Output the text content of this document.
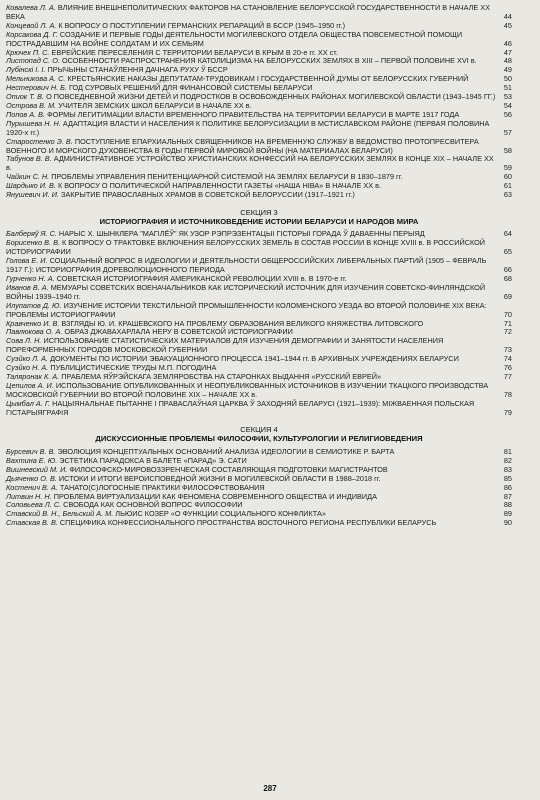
Ковалева Л. А. ВЛИЯНИЕ ВНЕШНЕПОЛИТИЧЕСКИХ ФАКТОРОВ НА СТАНОВЛЕНИЕ БЕЛОРУССКОЙ ГОСУДАРСТВЕННОСТИ В НАЧАЛЕ ХХ ВЕКА	44
Концевой Л. А. К ВОПРОСУ О ПОСТУПЛЕНИИ ГЕРМАНСКИХ РЕПАРАЦИЙ В БССР (1945–1950 гг.)	45
Корсакова Д. Г. СОЗДАНИЕ И ПЕРВЫЕ ГОДЫ ДЕЯТЕЛЬНОСТИ МОГИЛЕВСКОГО ОТДЕЛА ОБЩЕСТВА ПОВСЕМЕСТНОЙ ПОМОЩИ ПОСТРАДАВШИМ НА ВОЙНЕ СОЛДАТАМ И ИХ СЕМЬЯМ	46
Крючек П. С. ЕВРЕЙСКИЕ ПЕРЕСЕЛЕНИЯ С ТЕРРИТОРИИ БЕЛАРУСИ В КРЫМ В 20-е гг. ХХ ст.	47
Листопад С. О. ОСОБЕННОСТИ РАСПРОСТРАНЕНИЯ КАТОЛИЦИЗМА НА БЕЛОРУССКИХ ЗЕМЛЯХ В XIII – ПЕРВОЙ ПОЛОВИНЕ XVI в.	48
Лубінскі І. І. ПРЫЧЫНЫ СТАНАЎЛЕННЯ ДАЧНАГА РУХУ Ў БССР	49
Мельникова А. С. КРЕСТЬЯНСКИЕ НАКАЗЫ ДЕПУТАТАМ-ТРУДОВИКАМ I ГОСУДАРСТВЕННОЙ ДУМЫ ОТ БЕЛОРУССКИХ ГУБЕРНИЙ	50
Нестерович Н. Б. ГОД СУРОВЫХ РЕШЕНИЙ ДЛЯ ФИНАНСОВОЙ СИСТЕМЫ БЕЛАРУСИ	51
Опиок Т. В. О ПОВСЕДНЕВНОЙ ЖИЗНИ ДЕТЕЙ И ПОДРОСТКОВ В ОСВОБОЖДЕННЫХ РАЙОНАХ МОГИЛЕВСКОЙ ОБЛАСТИ (1943–1945 ГГ.)	53
Острова В. М. УЧИТЕЛЯ ЗЕМСКИХ ШКОЛ БЕЛАРУСИ В НАЧАЛЕ ХХ в.	54
Попов А. В. ФОРМЫ ЛЕГИТИМАЦИИ ВЛАСТИ ВРЕМЕННОГО ПРАВИТЕЛЬСТВА НА ТЕРРИТОРИИ БЕЛАРУСИ В МАРТЕ 1917 ГОДА	56
Пурышева Н. Н. АДАПТАЦИЯ ВЛАСТИ И НАСЕЛЕНИЯ К ПОЛИТИКЕ БЕЛОРУСИЗАЦИИ В МСТИСЛАВСКОМ РАЙОНЕ (ПЕРВАЯ ПОЛОВИНА 1920-х гг.)	57
Старостенко Э. В. ПОСТУПЛЕНИЕ ЕПАРХИАЛЬНЫХ СВЯЩЕННИКОВ НА ВРЕМЕННУЮ СЛУЖБУ В ВЕДОМСТВО ПРОТОПРЕСВИТЕРА ВОЕННОГО И МОРСКОГО ДУХОВЕНСТВА В ГОДЫ ПЕРВОЙ МИРОВОЙ ВОЙНЫ (НА МАТЕРИАЛАХ БЕЛАРУСИ)	58
Табунов В. В. АДМИНИСТРАТИВНОЕ УСТРОЙСТВО ХРИСТИАНСКИХ КОНФЕССИЙ НА БЕЛОРУССКИХ ЗЕМЛЯХ В КОНЦЕ XIX – НАЧАЛЕ XX в.	59
Чайкин С. Н. ПРОБЛЕМЫ УПРАВЛЕНИЯ ПЕНИТЕНЦИАРНОЙ СИСТЕМОЙ НА ЗЕМЛЯХ БЕЛАРУСИ В 1830–1879 гг.	60
Шардыко И. В. К ВОПРОСУ О ПОЛИТИЧЕСКОЙ НАПРАВЛЕННОСТИ ГАЗЕТЫ «НАША НІВА» В НАЧАЛЕ ХХ в.	61
Янушевич И. И. ЗАКРЫТИЕ ПРАВОСЛАВНЫХ ХРАМОВ В СОВЕТСКОЙ БЕЛОРУССИИ (1917–1921 гг.)	63
СЕКЦИЯ 3
ИСТОРИОГРАФИЯ И ИСТОЧНИКОВЕДЕНИЕ ИСТОРИИ БЕЛАРУСИ И НАРОДОВ МИРА
Балберяў Я. С. НАРЫС Х. ШЫНКЛЕРА "МАГІЛЁЎ" ЯК УЗОР РЭПРЭЗЕНТАЦЫІ ГІСТОРЫІ ГОРАДА Ў ДАВАЕННЫ ПЕРЫЯД	64
Борисенко В. В. К ВОПРОСУ О ТРАКТОВКЕ ВКЛЮЧЕНИЯ БЕЛОРУССКИХ ЗЕМЕЛЬ В СОСТАВ РОССИИ В КОНЦЕ XVIII в. В РОССИЙСКОЙ ИСТОРИОГРАФИИ	65
Голова Е. И. СОЦИАЛЬНЫЙ ВОПРОС В ИДЕОЛОГИИ И ДЕЯТЕЛЬНОСТИ ОБЩЕРОССИЙСКИХ ЛИБЕРАЛЬНЫХ ПАРТИЙ (1905 – ФЕВРАЛЬ 1917 Г.): ИСТОРИОГРАФИЯ ДОРЕВОЛЮЦИОННОГО ПЕРИОДА	66
Гурченко Н. А. СОВЕТСКАЯ ИСТОРИОГРАФИЯ АМЕРИКАНСКОЙ РЕВОЛЮЦИИ XVIII в. В 1970-е гг.	68
Иванов В. А. МЕМУАРЫ СОВЕТСКИХ ВОЕНАЧАЛЬНИКОВ КАК ИСТОРИЧЕСКИЙ ИСТОЧНИК ДЛЯ ИЗУЧЕНИЯ СОВЕТСКО-ФИНЛЯНДСКОЙ ВОЙНЫ 1939–1940 гг.	69
Илупатов Д. Ю. ИЗУЧЕНИЕ ИСТОРИИ ТЕКСТИЛЬНОЙ ПРОМЫШЛЕННОСТИ КОЛОМЕНСКОГО УЕЗДА ВО ВТОРОЙ ПОЛОВИНЕ XIX ВЕКА: ПРОБЛЕМЫ ИСТОРИОГРАФИИ	70
Кравченко И. В. ВЗГЛЯДЫ Ю. И. КРАШЕВСКОГО НА ПРОБЛЕМУ ОБРАЗОВАНИЯ ВЕЛИКОГО КНЯЖЕСТВА ЛИТОВСКОГО	71
Павлюкова О. А. ОБРАЗ ДЖАВАХАРЛАЛА НЕРУ В СОВЕТСКОЙ ИСТОРИОГРАФИИ	72
Сова Л. Н. ИСПОЛЬЗОВАНИЕ СТАТИСТИЧЕСКИХ МАТЕРИАЛОВ ДЛЯ ИЗУЧЕНИЯ ДЕМОГРАФИИ И ЗАНЯТОСТИ НАСЕЛЕНИЯ ПОРЕФОРМЕННЫХ ГОРОДОВ МОСКОВСКОЙ ГУБЕРНИИ	73
Суэйко Л. А. ДОКУМЕНТЫ ПО ИСТОРИИ ЭВАКУАЦИОННОГО ПРОЦЕССА 1941–1944 гг. В АРХИВНЫХ УЧРЕЖДЕНИЯХ БЕЛАРУСИ	74
Суэйко Н. А. ПУБЛИЦИСТИЧЕСКИЕ ТРУДЫ М.П. ПОГОДИНА	76
Таляронак К. А. ПРАБЛЕМА ЯЎРЭЙСКАГА ЗЕМЛЯРОБСТВА НА СТАРОНКАХ ВЫДАННЯ «РУССКИЙ ЕВРЕЙ»	77
Цепилов А. И. ИСПОЛЬЗОВАНИЕ ОПУБЛИКОВАННЫХ И НЕОПУБЛИКОВАННЫХ ИСТОЧНИКОВ В ИЗУЧЕНИИ ТКАЦКОГО ПРОИЗВОДСТВА МОСКОВСКОЙ ГУБЕРНИИ ВО ВТОРОЙ ПОЛОВИНЕ XIX – НАЧАЛЕ XX в.	78
Цымбал А. Г. НАЦЫЯНАЛЬНАЕ ПЫТАННЕ І ПРАВАСЛАЎНАЯ ЦАРКВА Ў ЗАХОДНЯЙ БЕЛАРУСІ (1921–1939): МІЖВАЕННАЯ ПОЛЬСКАЯ ГІСТАРЫЯГРАФІЯ	79
СЕКЦИЯ 4
ДИСКУССИОННЫЕ ПРОБЛЕМЫ ФИЛОСОФИИ, КУЛЬТУРОЛОГИИ И РЕЛИГИОВЕДЕНИЯ
Бурсевич В. В. ЭВОЛЮЦИЯ КОНЦЕПТУАЛЬНЫХ ОСНОВАНИЙ АНАЛИЗА ИДЕОЛОГИИ В СЕМИОТИКЕ Р. БАРТА	81
Вахтина Е. Ю. ЭСТЕТИКА ПАРАДОКСА В БАЛЕТЕ «ПАРАД» Э. САТИ	82
Вишневский М. И. ФИЛОСОФСКО-МИРОВОЗЗРЕНЧЕСКАЯ СОСТАВЛЯЮЩАЯ ПОДГОТОВКИ МАГИСТРАНТОВ	83
Дьяченко О. В. ИСТОКИ И ИТОГИ ВЕРОИСПОВЕДНОЙ ЖИЗНИ В МОГИЛЕВСКОЙ ОБЛАСТИ В 1988–2018 гг.	85
Костенич В. А. ТАНАТО(С)ЛОГОСНЫЕ ПРАКТИКИ ФИЛОСОФСТВОВАНИЯ	86
Литвин Н. Н. ПРОБЛЕМА ВИРТУАЛИЗАЦИИ КАК ФЕНОМЕНА СОВРЕМЕННОГО ОБЩЕСТВА И ИНДИВИДА	87
Соловьева Л. С. СВОБОДА КАК ОСНОВНОЙ ВОПРОС ФИЛОСОФИИ	88
Ставский В. Н., Бельский А. М. ЛЬЮИС КОЗЕР «О ФУНКЦИИ СОЦИАЛЬНОГО КОНФЛИКТА»	89
Ставская В. В. СПЕЦИФИКА КОНФЕССИОНАЛЬНОГО ПРОСТРАНСТВА ВОСТОЧНОГО РЕГИОНА РЕСПУБЛИКИ БЕЛАРУСЬ	90
287
